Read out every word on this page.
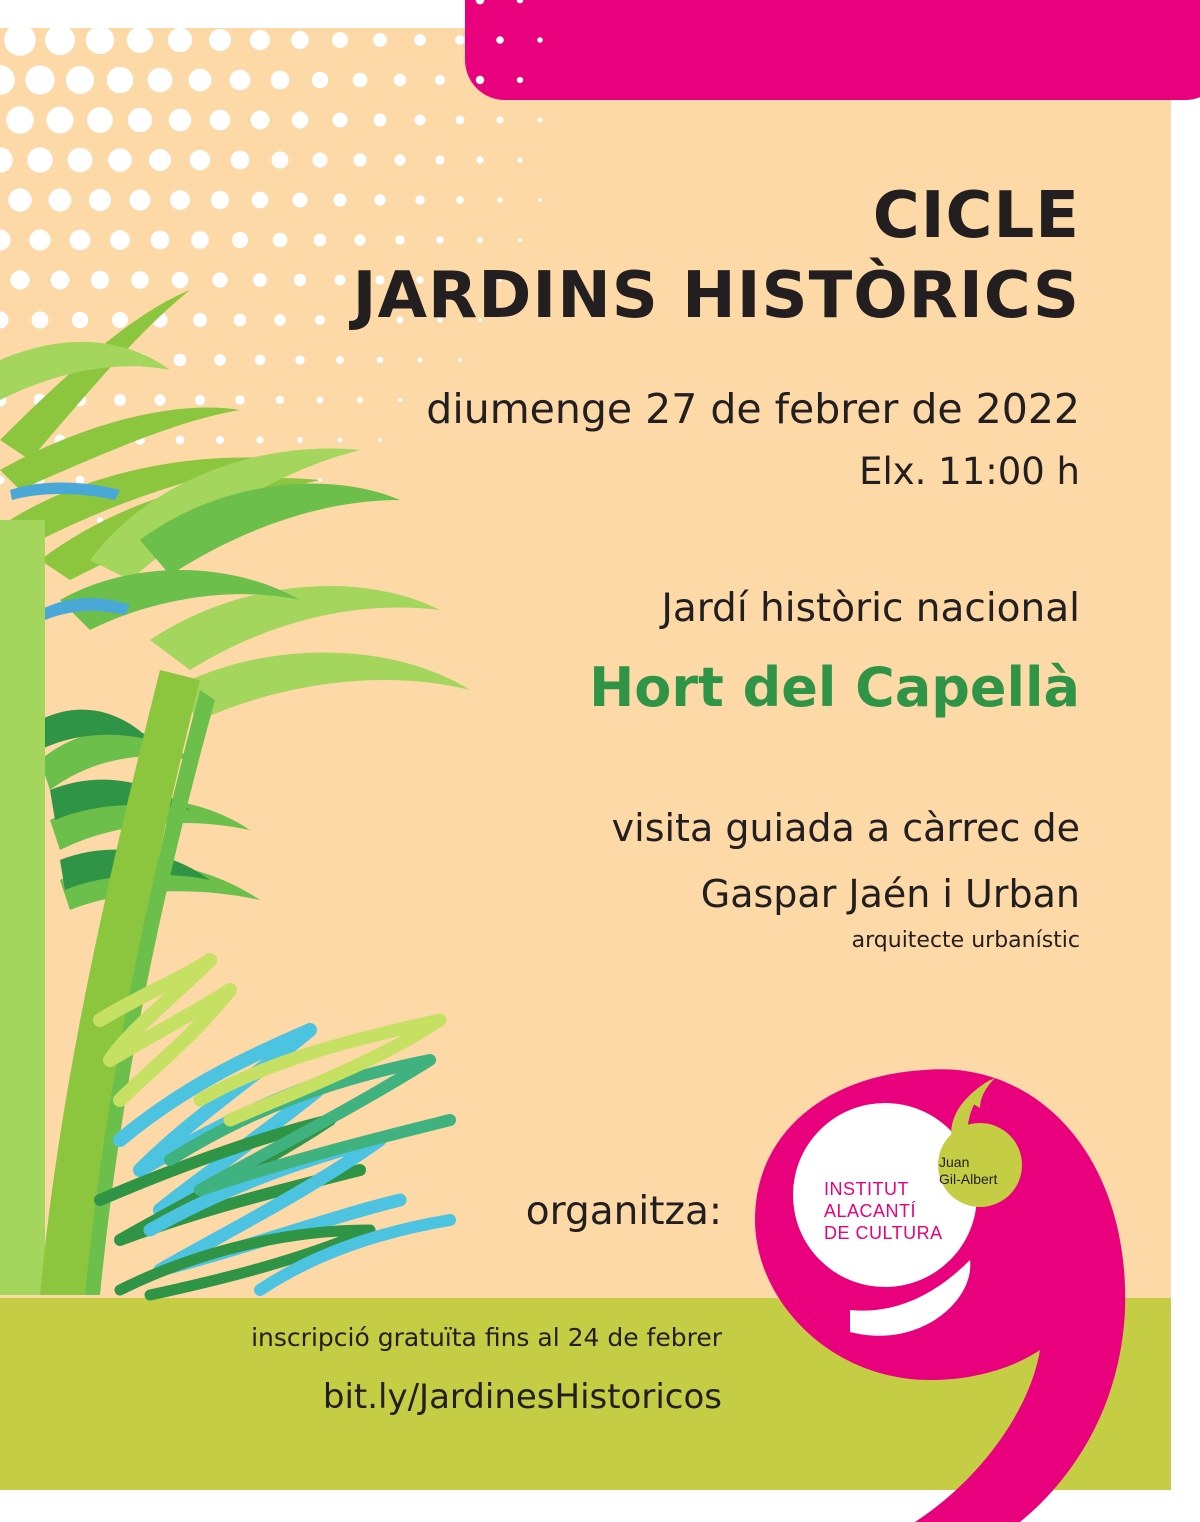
CICLE
JARDINS HISTÒRICS
diumenge 27 de febrer de 2022
Elx. 11:00 h
Jardí històric nacional
Hort del Capellà
visita guiada a càrrec de
Gaspar Jaén i Urban
arquitecte urbanístic
organitza:
inscripció gratuïta fins al 24 de febrer
bit.ly/JardinesHistoricos
INSTITUT
ALACANTÍ
DE CULTURA
Juan
Gil-Albert
